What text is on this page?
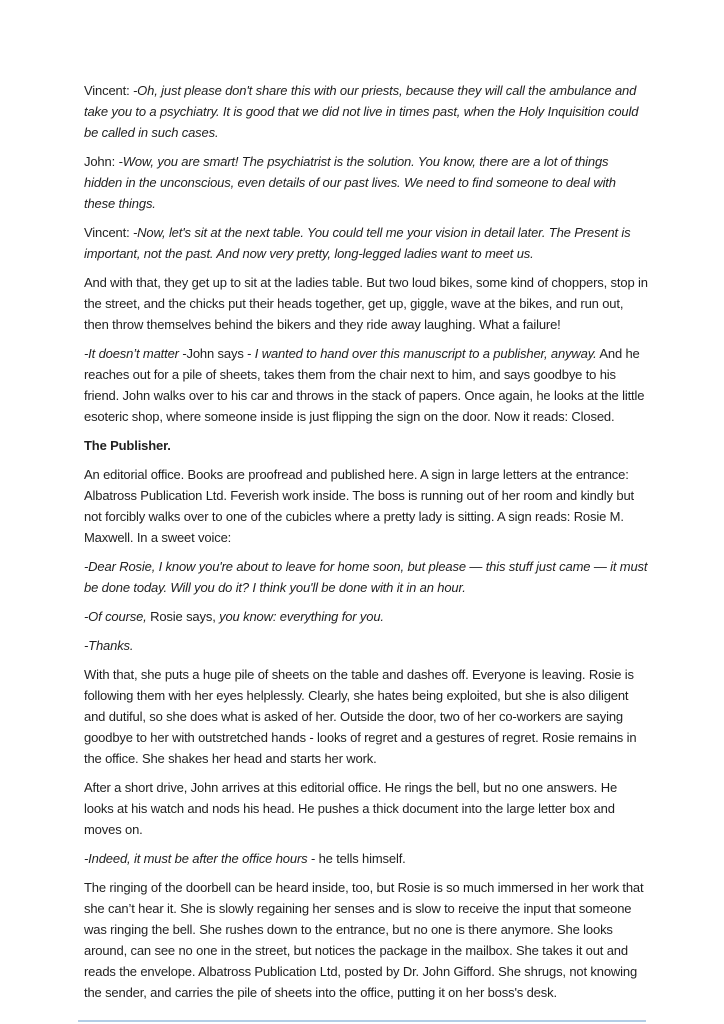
Vincent: -Oh, just please don't share this with our priests, because they will call the ambulance and take you to a psychiatry. It is good that we did not live in times past, when the Holy Inquisition could be called in such cases.

John: -Wow, you are smart! The psychiatrist is the solution. You know, there are a lot of things hidden in the unconscious, even details of our past lives. We need to find someone to deal with these things.

Vincent: -Now, let's sit at the next table. You could tell me your vision in detail later. The Present is important, not the past. And now very pretty, long-legged ladies want to meet us.

And with that, they get up to sit at the ladies table. But two loud bikes, some kind of choppers, stop in the street, and the chicks put their heads together, get up, giggle, wave at the bikes, and run out, then throw themselves behind the bikers and they ride away laughing. What a failure!

-It doesn’t matter -John says - I wanted to hand over this manuscript to a publisher, anyway. And he reaches out for a pile of sheets, takes them from the chair next to him, and says goodbye to his friend. John walks over to his car and throws in the stack of papers. Once again, he looks at the little esoteric shop, where someone inside is just flipping the sign on the door. Now it reads: Closed.

The Publisher.

An editorial office. Books are proofread and published here. A sign in large letters at the entrance: Albatross Publication Ltd. Feverish work inside. The boss is running out of her room and kindly but not forcibly walks over to one of the cubicles where a pretty lady is sitting. A sign reads: Rosie M. Maxwell. In a sweet voice:

-Dear Rosie, I know you're about to leave for home soon, but please — this stuff just came — it must be done today. Will you do it? I think you'll be done with it in an hour.

-Of course, Rosie says, you know: everything for you.

-Thanks.

With that, she puts a huge pile of sheets on the table and dashes off. Everyone is leaving. Rosie is following them with her eyes helplessly. Clearly, she hates being exploited, but she is also diligent and dutiful, so she does what is asked of her. Outside the door, two of her co-workers are saying goodbye to her with outstretched hands - looks of regret and a gestures of regret. Rosie remains in the office. She shakes her head and starts her work.

After a short drive, John arrives at this editorial office. He rings the bell, but no one answers. He looks at his watch and nods his head. He pushes a thick document into the large letter box and moves on.

-Indeed, it must be after the office hours - he tells himself.

The ringing of the doorbell can be heard inside, too, but Rosie is so much immersed in her work that she can’t hear it. She is slowly regaining her senses and is slow to receive the input that someone was ringing the bell. She rushes down to the entrance, but no one is there anymore. She looks around, can see no one in the street, but notices the package in the mailbox. She takes it out and reads the envelope. Albatross Publication Ltd, posted by Dr. John Gifford. She shrugs, not knowing the sender, and carries the pile of sheets into the office, putting it on her boss's desk.
